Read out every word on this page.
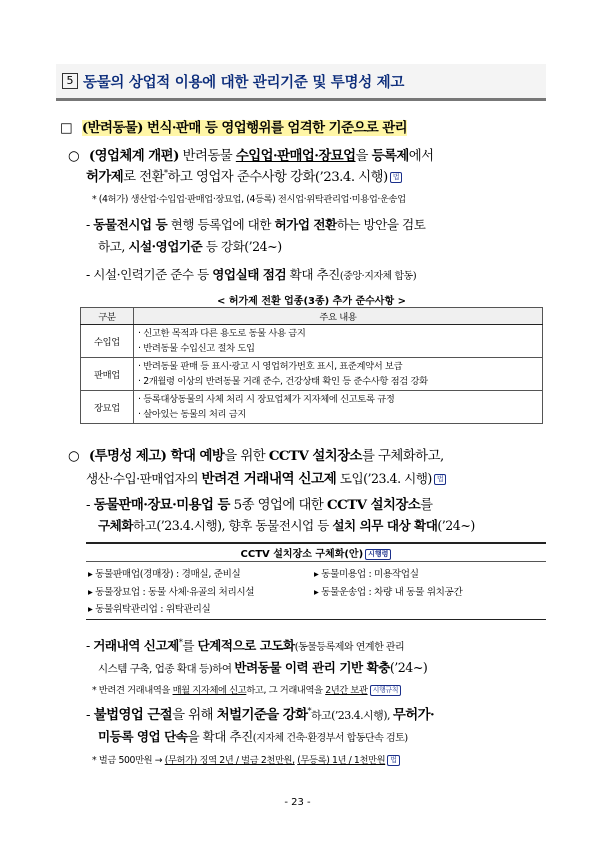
5 동물의 상업적 이용에 대한 관리기준 및 투명성 제고
□ (반려동물) 번식·판매 등 영업행위를 엄격한 기준으로 관리
○ (영업체계 개편) 반려동물 수입업·판매업·장묘업을 등록제에서
허가제로 전환*하고 영업자 준수사항 강화(’23.4. 시행) 법
* (4허가) 생산업·수입업·판매업·장묘업, (4등록) 전시업·위탁관리업·미용업·운송업
- 동물전시업 등 현행 등록업에 대한 허가업 전환하는 방안을 검토
하고, 시설·영업기준 등 강화(’24~)
- 시설·인력기준 준수 등 영업실태 점검 확대 추진(중앙·지자체 합동)
< 허가제 전환 업종(3종) 추가 준수사항 >
구분	주요 내용
수입업	· 신고한 목적과 다른 용도로 동물 사용 금지
· 반려동물 수입신고 절차 도입

판매업	· 반려동물 판매 등 표시·광고 시 영업허가번호 표시, 표준계약서 보급
· 2개월령 이상의 반려동물 거래 준수, 건강상태 확인 등 준수사항 점검 강화

장묘업	· 등록대상동물의 사체 처리 시 장묘업체가 지자체에 신고토록 규정
· 살아있는 동물의 처리 금지
○ (투명성 제고) 학대 예방을 위한 CCTV 설치장소를 구체화하고,
생산·수입·판매업자의 반려견 거래내역 신고제 도입(’23.4. 시행) 법
- 동물판매·장묘·미용업 등 5종 영업에 대한 CCTV 설치장소를
구체화하고(’23.4.시행), 향후 동물전시업 등 설치 의무 대상 확대(’24~)
CCTV 설치장소 구체화(안) 시행령
▸ 동물판매업(경매장) : 경매실, 준비실	▸ 동물미용업 : 미용작업실
▸ 동물장묘업 : 동물 사체·유골의 처리시설	▸ 동물운송업 : 차량 내 동물 위치공간
▸ 동물위탁관리업 : 위탁관리실
- 거래내역 신고제*를 단계적으로 고도화(동물등록제와 연계한 관리
시스템 구축, 업종 확대 등)하여 반려동물 이력 관리 기반 확충(’24~)
* 반려견 거래내역을 매월 지자체에 신고하고, 그 거래내역을 2년간 보관 시행규칙
- 불법영업 근절을 위해 처벌기준을 강화*하고(’23.4.시행), 무허가·
미등록 영업 단속을 확대 추진(지자체 건축·환경부서 합동단속 검토)
* 벌금 500만원 → (무허가) 징역 2년 / 벌금 2천만원, (무등록) 1년 / 1천만원 법
- 23 -
